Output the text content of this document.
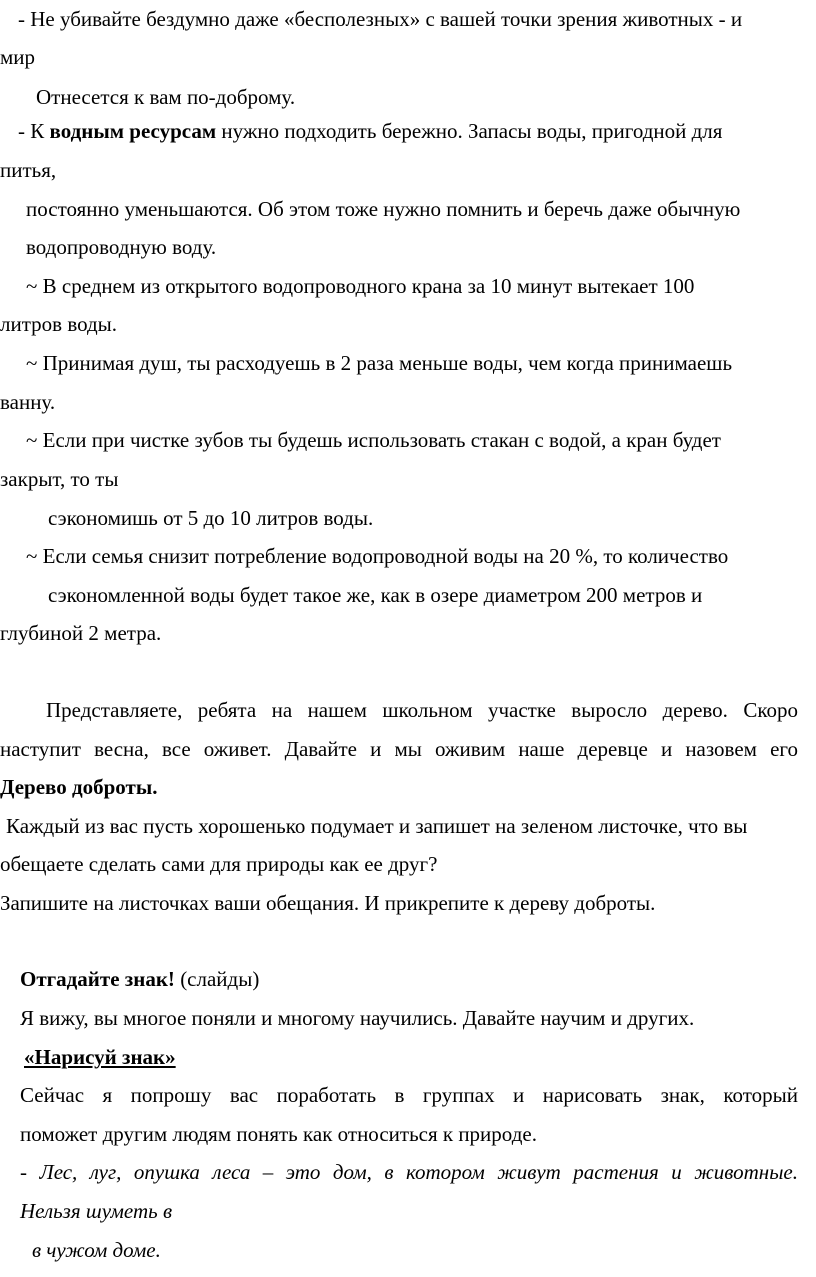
- Не убивайте бездумно даже «бесполезных» с вашей точки зрения животных - и
мир
Отнесется к вам по-доброму.
- К водным ресурсам нужно подходить бережно. Запасы воды, пригодной для
питья,
постоянно уменьшаются. Об этом тоже нужно помнить и беречь даже обычную
водопроводную воду.
~ В среднем из открытого водопроводного крана за 10 минут вытекает 100
литров воды.
~ Принимая душ, ты расходуешь в 2 раза меньше воды, чем когда принимаешь
ванну.
~ Если при чистке зубов ты будешь использовать стакан с водой, а кран будет
закрыт, то ты
сэкономишь от 5 до 10 литров воды.
~ Если семья снизит потребление водопроводной воды на 20 %, то количество
сэкономленной воды будет такое же, как в озере диаметром 200 метров и
глубиной 2 метра.
Представляете, ребята на нашем школьном участке выросло дерево. Скоро
наступит весна, все оживет. Давайте и мы оживим наше деревце и назовем его
Дерево доброты.
Каждый из вас пусть хорошенько подумает и запишет на зеленом листочке, что вы
обещаете сделать сами для природы как ее друг?
Запишите на листочках ваши обещания. И прикрепите к дереву доброты.
Отгадайте знак! (слайды)
Я вижу, вы многое поняли и многому научились. Давайте научим и других.
«Нарисуй знак»
Сейчас я попрошу вас поработать в группах и нарисовать знак, который
поможет другим людям понять как относиться к природе.
- Лес, луг, опушка леса – это дом, в котором живут растения и животные.
Нельзя шуметь в
в чужом доме.
